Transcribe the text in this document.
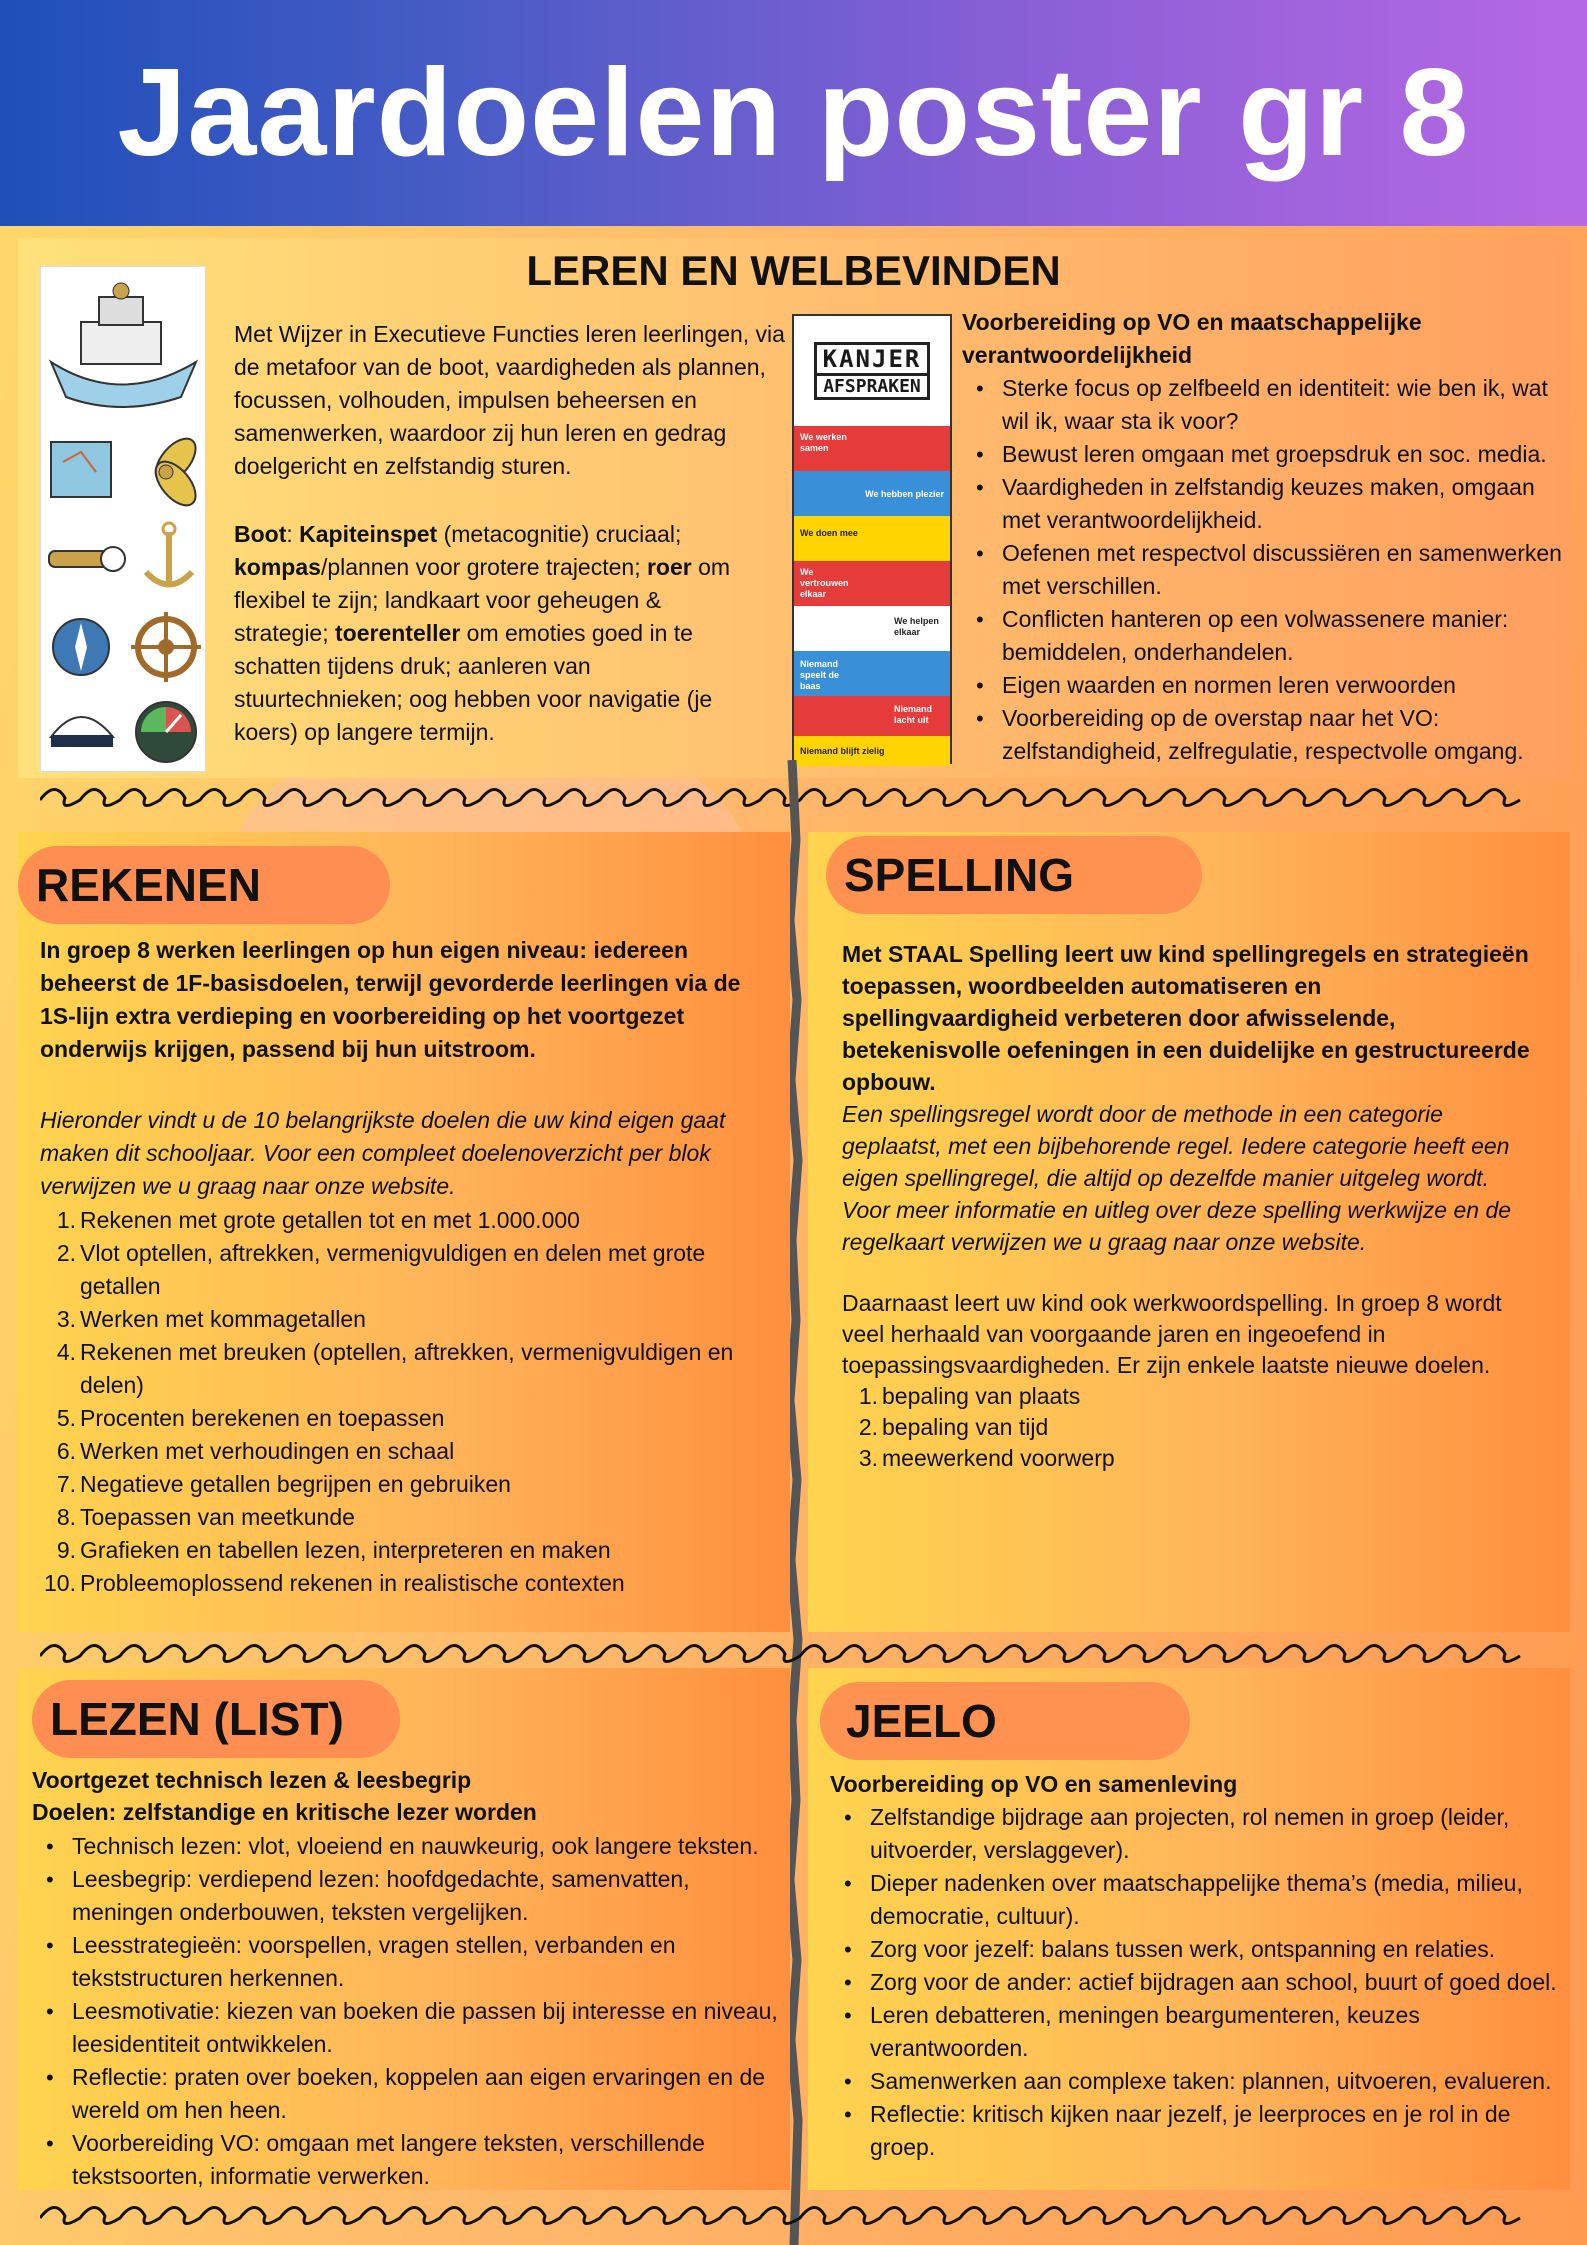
Jaardoelen poster gr 8
LEREN EN WELBEVINDEN
Met Wijzer in Executieve Functies leren leerlingen, via de metafoor van de boot, vaardigheden als plannen, focussen, volhouden, impulsen beheersen en samenwerken, waardoor zij hun leren en gedrag doelgericht en zelfstandig sturen.
Boot: Kapiteinspet (metacognitie) cruciaal; kompas/plannen voor grotere trajecten; roer om flexibel te zijn; landkaart voor geheugen & strategie; toerenteller om emoties goed in te schatten tijdens druk; aanleren van stuurtechnieken; oog hebben voor navigatie (je koers) op langere termijn.
KANJER
AFSPRAKEN
We werken samen
We hebben plezier
We doen mee
We vertrouwen elkaar
We helpen elkaar
Niemand speelt de baas
Niemand lacht uit
Niemand blijft zielig
Voorbereiding op VO en maatschappelijke verantwoordelijkheid
• Sterke focus op zelfbeeld en identiteit: wie ben ik, wat wil ik, waar sta ik voor?
• Bewust leren omgaan met groepsdruk en soc. media.
• Vaardigheden in zelfstandig keuzes maken, omgaan met verantwoordelijkheid.
• Oefenen met respectvol discussiëren en samenwerken met verschillen.
• Conflicten hanteren op een volwassenere manier: bemiddelen, onderhandelen.
• Eigen waarden en normen leren verwoorden
• Voorbereiding op de overstap naar het VO: zelfstandigheid, zelfregulatie, respectvolle omgang.
REKENEN
In groep 8 werken leerlingen op hun eigen niveau: iedereen beheerst de 1F-basisdoelen, terwijl gevorderde leerlingen via de 1S-lijn extra verdieping en voorbereiding op het voortgezet onderwijs krijgen, passend bij hun uitstroom.
Hieronder vindt u de 10 belangrijkste doelen die uw kind eigen gaat maken dit schooljaar. Voor een compleet doelenoverzicht per blok verwijzen we u graag naar onze website.
1. Rekenen met grote getallen tot en met 1.000.000
2. Vlot optellen, aftrekken, vermenigvuldigen en delen met grote getallen
3. Werken met kommagetallen
4. Rekenen met breuken (optellen, aftrekken, vermenigvuldigen en delen)
5. Procenten berekenen en toepassen
6. Werken met verhoudingen en schaal
7. Negatieve getallen begrijpen en gebruiken
8. Toepassen van meetkunde
9. Grafieken en tabellen lezen, interpreteren en maken
10. Probleemoplossend rekenen in realistische contexten
SPELLING
Met STAAL Spelling leert uw kind spellingregels en strategieën toepassen, woordbeelden automatiseren en spellingvaardigheid verbeteren door afwisselende, betekenisvolle oefeningen in een duidelijke en gestructureerde opbouw.
Een spellingsregel wordt door de methode in een categorie geplaatst, met een bijbehorende regel. Iedere categorie heeft een eigen spellingregel, die altijd op dezelfde manier uitgeleg wordt. Voor meer informatie en uitleg over deze spelling werkwijze en de regelkaart verwijzen we u graag naar onze website.
Daarnaast leert uw kind ook werkwoordspelling. In groep 8 wordt veel herhaald van voorgaande jaren en ingeoefend in toepassingsvaardigheden. Er zijn enkele laatste nieuwe doelen.
1. bepaling van plaats
2. bepaling van tijd
3. meewerkend voorwerp
LEZEN (LIST)
Voortgezet technisch lezen & leesbegrip
Doelen: zelfstandige en kritische lezer worden
• Technisch lezen: vlot, vloeiend en nauwkeurig, ook langere teksten.
• Leesbegrip: verdiepend lezen: hoofdgedachte, samenvatten, meningen onderbouwen, teksten vergelijken.
• Leesstrategieën: voorspellen, vragen stellen, verbanden en tekststructuren herkennen.
• Leesmotivatie: kiezen van boeken die passen bij interesse en niveau, leesidentiteit ontwikkelen.
• Reflectie: praten over boeken, koppelen aan eigen ervaringen en de wereld om hen heen.
• Voorbereiding VO: omgaan met langere teksten, verschillende tekstsoorten, informatie verwerken.
JEELO
Voorbereiding op VO en samenleving
• Zelfstandige bijdrage aan projecten, rol nemen in groep (leider, uitvoerder, verslaggever).
• Dieper nadenken over maatschappelijke thema’s (media, milieu, democratie, cultuur).
• Zorg voor jezelf: balans tussen werk, ontspanning en relaties.
• Zorg voor de ander: actief bijdragen aan school, buurt of goed doel.
• Leren debatteren, meningen beargumenteren, keuzes verantwoorden.
• Samenwerken aan complexe taken: plannen, uitvoeren, evalueren.
• Reflectie: kritisch kijken naar jezelf, je leerproces en je rol in de groep.
